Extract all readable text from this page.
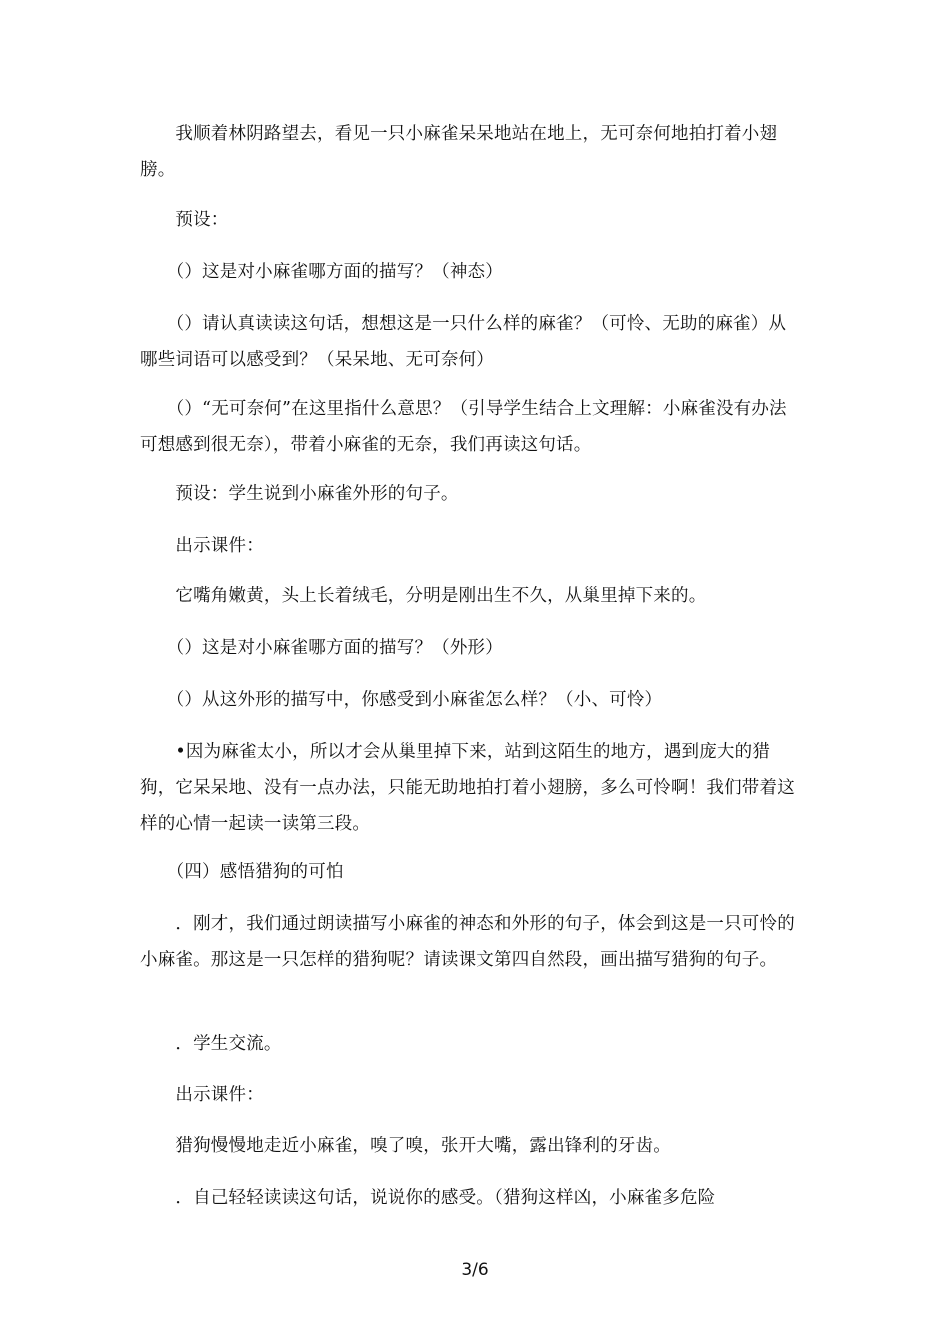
　　我顺着林阴路望去，看见一只小麻雀呆呆地站在地上，无可奈何地拍打着小翅膀。

　　预设：

　　（）这是对小麻雀哪方面的描写？（神态）

　　（）请认真读读这句话，想想这是一只什么样的麻雀？（可怜、无助的麻雀）从哪些词语可以感受到？（呆呆地、无可奈何）

　　（）“无可奈何”在这里指什么意思？（引导学生结合上文理解：小麻雀没有办法可想感到很无奈），带着小麻雀的无奈，我们再读这句话。

　　预设：学生说到小麻雀外形的句子。

　　出示课件：

　　它嘴角嫩黄，头上长着绒毛，分明是刚出生不久，从巢里掉下来的。

　　（）这是对小麻雀哪方面的描写？（外形）

　　（）从这外形的描写中，你感受到小麻雀怎么样？（小、可怜）

　　•因为麻雀太小，所以才会从巢里掉下来，站到这陌生的地方，遇到庞大的猎狗，它呆呆地、没有一点办法，只能无助地拍打着小翅膀，多么可怜啊！我们带着这样的心情一起读一读第三段。

　　（四）感悟猎狗的可怕

　　．刚才，我们通过朗读描写小麻雀的神态和外形的句子，体会到这是一只可怜的小麻雀。那这是一只怎样的猎狗呢？请读课文第四自然段，画出描写猎狗的句子。

　　．学生交流。

　　出示课件：

　　猎狗慢慢地走近小麻雀，嗅了嗅，张开大嘴，露出锋利的牙齿。

　　．自己轻轻读读这句话，说说你的感受。（猎狗这样凶，小麻雀多危险

3/6
